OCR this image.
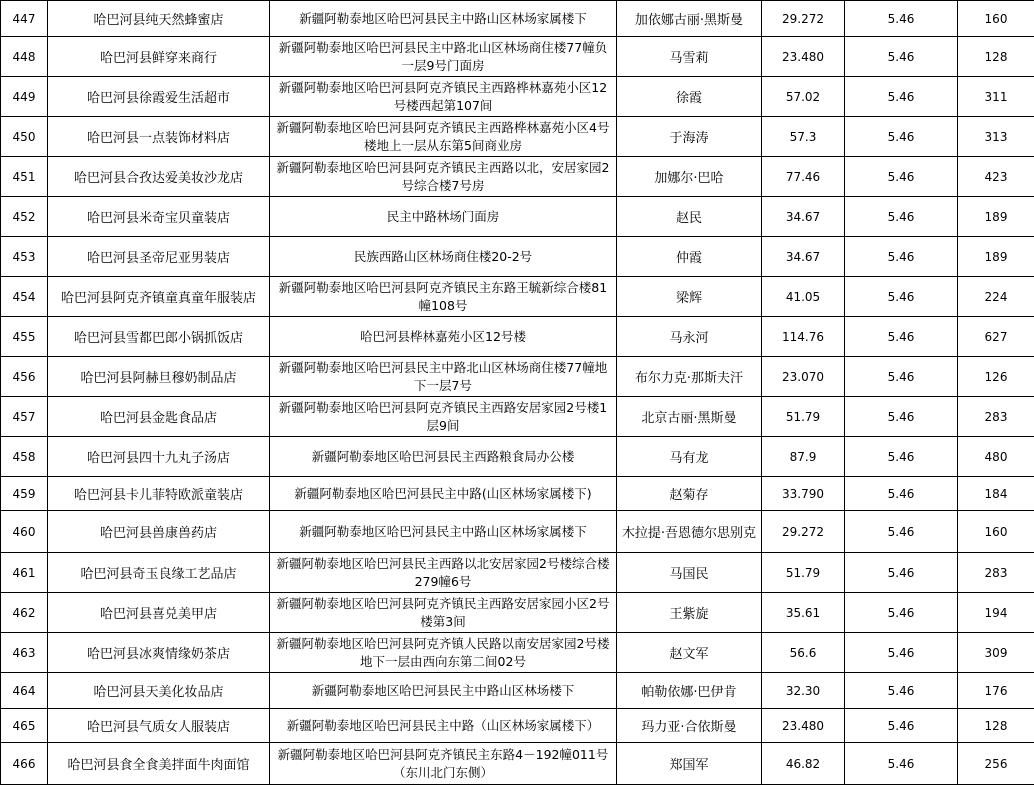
447	哈巴河县纯天然蜂蜜店	新疆阿勒泰地区哈巴河县民主中路山区林场家属楼下	加依娜古丽·黑斯曼	29.272	5.46	160
448	哈巴河县鲜穿来商行	新疆阿勒泰地区哈巴河县民主中路北山区林场商住楼77幢负一层9号门面房	马雪莉	23.480	5.46	128
449	哈巴河县徐霞爱生活超市	新疆阿勒泰地区哈巴河县阿克齐镇民主西路桦林嘉苑小区12号楼西起第107间	徐霞	57.02	5.46	311
450	哈巴河县一点装饰材料店	新疆阿勒泰地区哈巴河县阿克齐镇民主西路桦林嘉苑小区4号楼地上一层从东第5间商业房	于海涛	57.3	5.46	313
451	哈巴河县合孜达爱美妆沙龙店	新疆阿勒泰地区哈巴河县阿克齐镇民主西路以北，安居家园2号综合楼7号房	加娜尔·巴哈	77.46	5.46	423
452	哈巴河县米奇宝贝童装店	民主中路林场门面房	赵民	34.67	5.46	189
453	哈巴河县圣帝尼亚男装店	民族西路山区林场商住楼20-2号	仲霞	34.67	5.46	189
454	哈巴河县阿克齐镇童真童年服装店	新疆阿勒泰地区哈巴河县阿克齐镇民主东路王毓新综合楼81幢108号	梁辉	41.05	5.46	224
455	哈巴河县雪都巴郎小锅抓饭店	哈巴河县桦林嘉苑小区12号楼	马永河	114.76	5.46	627
456	哈巴河县阿赫旦穆奶制品店	新疆阿勒泰地区哈巴河县民主中路北山区林场商住楼77幢地下一层7号	布尔力克·那斯夫汗	23.070	5.46	126
457	哈巴河县金匙食品店	新疆阿勒泰地区哈巴河县阿克齐镇民主西路安居家园2号楼1层9间	北京古丽·黑斯曼	51.79	5.46	283
458	哈巴河县四十九丸子汤店	新疆阿勒泰地区哈巴河县民主西路粮食局办公楼	马有龙	87.9	5.46	480
459	哈巴河县卡儿菲特欧派童装店	新疆阿勒泰地区哈巴河县民主中路(山区林场家属楼下)	赵菊存	33.790	5.46	184
460	哈巴河县兽康兽药店	新疆阿勒泰地区哈巴河县民主中路山区林场家属楼下	木拉提·吾恩德尔思别克	29.272	5.46	160
461	哈巴河县奇玉良缘工艺品店	新疆阿勒泰地区哈巴河县民主西路以北安居家园2号楼综合楼279幢6号	马国民	51.79	5.46	283
462	哈巴河县喜兑美甲店	新疆阿勒泰地区哈巴河县阿克齐镇民主西路安居家园小区2号楼第3间	王紫旋	35.61	5.46	194
463	哈巴河县冰爽情缘奶茶店	新疆阿勒泰地区哈巴河县阿克齐镇人民路以南安居家园2号楼地下一层由西向东第二间02号	赵文军	56.6	5.46	309
464	哈巴河县天美化妆品店	新疆阿勒泰地区哈巴河县民主中路山区林场楼下	帕勒依娜·巴伊肯	32.30	5.46	176
465	哈巴河县气质女人服装店	新疆阿勒泰地区哈巴河县民主中路（山区林场家属楼下）	玛力亚·合依斯曼	23.480	5.46	128
466	哈巴河县食全食美拌面牛肉面馆	新疆阿勒泰地区哈巴河县阿克齐镇民主东路4－192幢011号（东川北门东侧）	郑国军	46.82	5.46	256
